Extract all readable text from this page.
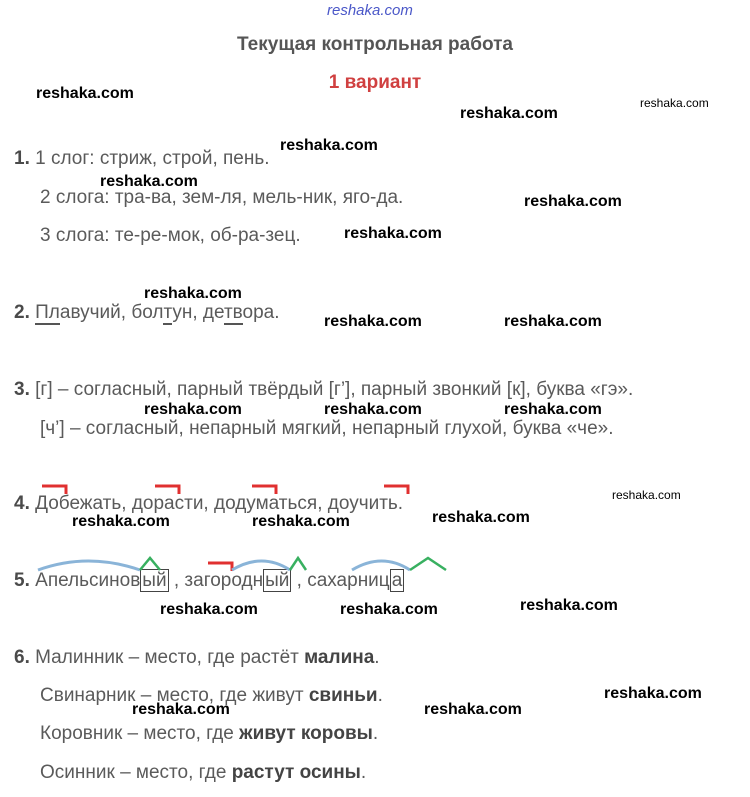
reshaka.com
Текущая контрольная работа
1 вариант
1. 1 слог: стриж, строй, пень.
2 слога: тра-ва, зем-ля, мель-ник, яго-да.
3 слога: те-ре-мок, об-ра-зец.
2. Плавучий, болтун, детвора.
3. [г] – согласный, парный твёрдый [г’], парный звонкий [к], буква «гэ».
[ч’] – согласный, непарный мягкий, непарный глухой, буква «че».
4. Добежать, дорасти, додуматься, доучить.
5. Апельсинов ый , загородн ый , сахарниц а
6. Малинник – место, где растёт малина.
Свинарник – место, где живут свиньи.
Коровник – место, где живут коровы.
Осинник – место, где растут осины.
reshaka.com
reshaka.com
reshaka.com
reshaka.com
reshaka.com
reshaka.com
reshaka.com
reshaka.com
reshaka.com	reshaka.com
reshaka.com	reshaka.com	reshaka.com
reshaka.com
reshaka.com	reshaka.com	reshaka.com
reshaka.com	reshaka.com	reshaka.com
reshaka.com
reshaka.com	reshaka.com
